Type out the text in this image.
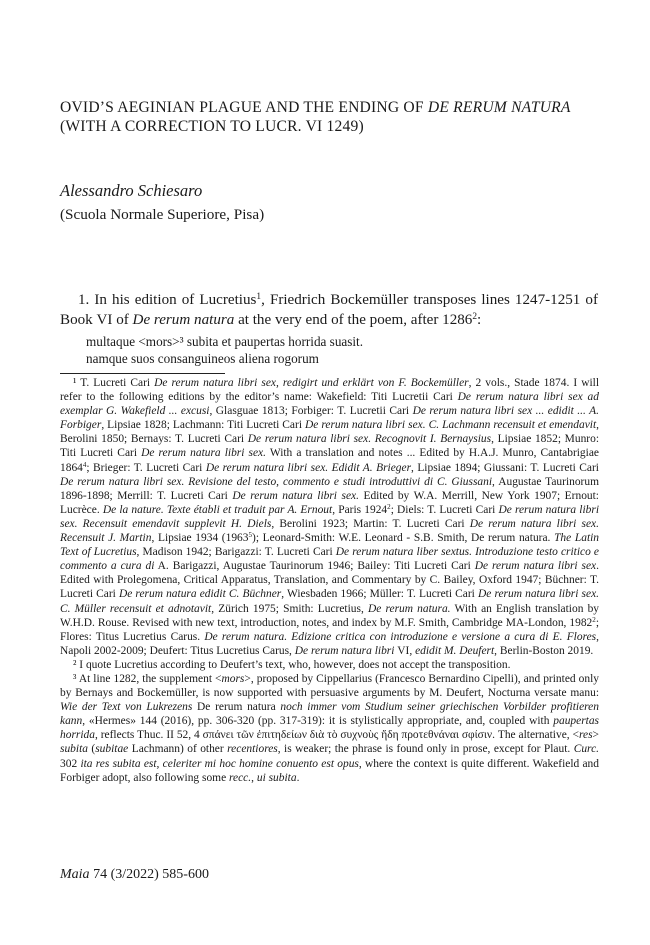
OVID’S AEGINIAN PLAGUE AND THE ENDING OF DE RERUM NATURA (WITH A CORRECTION TO LUCR. VI 1249)
Alessandro Schiesaro
(Scuola Normale Superiore, Pisa)

1. In his edition of Lucretius$^1$, Friedrich Bockemüller transposes lines 1247-1251 of Book VI of De rerum natura at the very end of the poem, after 1286$^2$:

multaque <mors>³ subita et paupertas horrida suasit.

namque suos consanguineos aliena rogorum

¹ T. Lucreti Cari De rerum natura libri sex, redigirt und erklärt von F. Bockemüller, 2 vols., Stade 1874. I will refer to the following editions by the editor’s name: Wakefield: Titi Lucretii Cari De rerum natura libri sex ad exemplar G. Wakefield ... excusi, Glasguae 1813; Forbiger: T. Lucretii Cari De rerum natura libri sex ... edidit ... A. Forbiger, Lipsiae 1828; Lachmann: Titi Lucreti Cari De rerum natura libri sex. C. Lachmann recensuit et emendavit, Berolini 1850; Bernays: T. Lucreti Cari De rerum natura libri sex. Recognovit I. Bernaysius, Lipsiae 1852; Munro: Titi Lucreti Cari De rerum natura libri sex. With a translation and notes ... Edited by H.A.J. Munro, Cantabrigiae 1864$^4$; Brieger: T. Lucreti Cari De rerum natura libri sex. Edidit A. Brieger, Lipsiae 1894; Giussani: T. Lucreti Cari De rerum natura libri sex. Revisione del testo, commento e studi introduttivi di C. Giussani, Augustae Taurinorum 1896-1898; Merrill: T. Lucreti Cari De rerum natura libri sex. Edited by W.A. Merrill, New York 1907; Ernout: Lucrèce. De la nature. Texte établi et traduit par A. Ernout, Paris 1924$^2$; Diels: T. Lucreti Cari De rerum natura libri sex. Recensuit emendavit supplevit H. Diels, Berolini 1923; Martin: T. Lucreti Cari De rerum natura libri sex. Recensuit J. Martin, Lipsiae 1934 (1963$^5$); Leonard-Smith: W.E. Leonard - S.B. Smith, De rerum natura. The Latin Text of Lucretius, Madison 1942; Barigazzi: T. Lucreti Cari De rerum natura liber sextus. Introduzione testo critico e commento a cura di A. Barigazzi, Augustae Taurinorum 1946; Bailey: Titi Lucreti Cari De rerum natura libri sex. Edited with Prolegomena, Critical Apparatus, Translation, and Commentary by C. Bailey, Oxford 1947; Büchner: T. Lucreti Cari De rerum natura edidit C. Büchner, Wiesbaden 1966; Müller: T. Lucreti Cari De rerum natura libri sex. C. Müller recensuit et adnotavit, Zürich 1975; Smith: Lucretius, De rerum natura. With an English translation by W.H.D. Rouse. Revised with new text, introduction, notes, and index by M.F. Smith, Cambridge MA-London, 1982$^2$; Flores: Titus Lucretius Carus. De rerum natura. Edizione critica con introduzione e versione a cura di E. Flores, Napoli 2002-2009; Deufert: Titus Lucretius Carus, De rerum natura libri VI, edidit M. Deufert, Berlin-Boston 2019.

² I quote Lucretius according to Deufert’s text, who, however, does not accept the transposition.

³ At line 1282, the supplement <mors>, proposed by Cippellarius (Francesco Bernardino Cipelli), and printed only by Bernays and Bockemüller, is now supported with persuasive arguments by M. Deufert, Nocturna versate manu: Wie der Text von Lukrezens De rerum natura noch immer vom Studium seiner griechischen Vorbilder profitieren kann, «Hermes» 144 (2016), pp. 306-320 (pp. 317-319): it is stylistically appropriate, and, coupled with paupertas horrida, reflects Thuc. II 52, 4 σπάνει τῶν ἐπιτηδείων διὰ τὸ συχνοὺς ἤδη προτεθνάναι σφίσιν. The alternative, <res> subita (subitae Lachmann) of other recentiores, is weaker; the phrase is found only in prose, except for Plaut. Curc. 302 ita res subita est, celeriter mi hoc homine conuento est opus, where the context is quite different. Wakefield and Forbiger adopt, also following some recc., ui subita.

Maia 74 (3/2022) 585-600
